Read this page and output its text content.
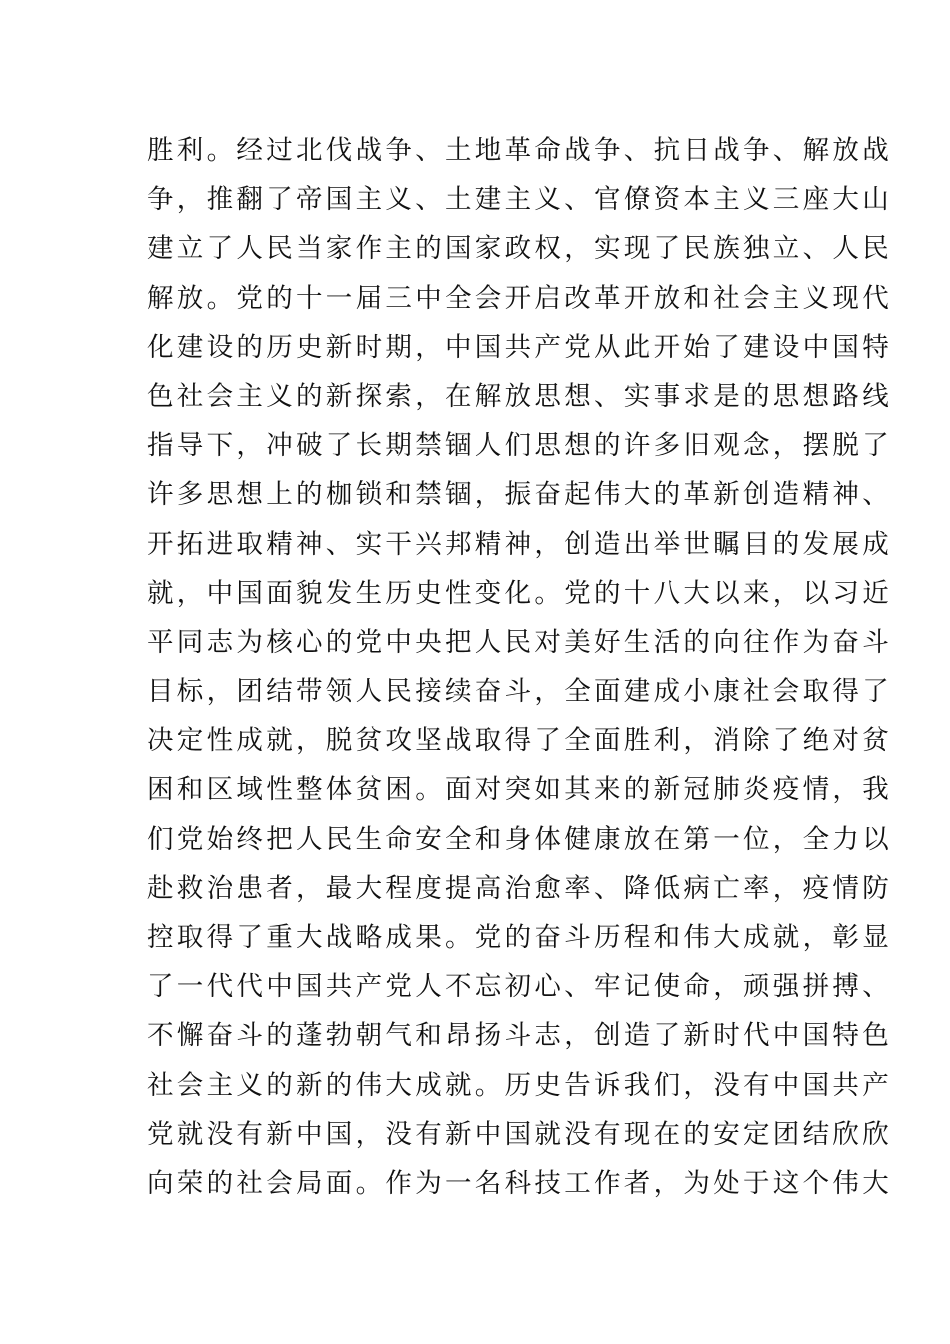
胜利。经过北伐战争、土地革命战争、抗日战争、解放战
争，推翻了帝国主义、土建主义、官僚资本主义三座大山
建立了人民当家作主的国家政权，实现了民族独立、人民
解放。党的十一届三中全会开启改革开放和社会主义现代
化建设的历史新时期，中国共产党从此开始了建设中国特
色社会主义的新探索，在解放思想、实事求是的思想路线
指导下，冲破了长期禁锢人们思想的许多旧观念，摆脱了
许多思想上的枷锁和禁锢，振奋起伟大的革新创造精神、
开拓进取精神、实干兴邦精神，创造出举世瞩目的发展成
就，中国面貌发生历史性变化。党的十八大以来，以习近
平同志为核心的党中央把人民对美好生活的向往作为奋斗
目标，团结带领人民接续奋斗，全面建成小康社会取得了
决定性成就，脱贫攻坚战取得了全面胜利，消除了绝对贫
困和区域性整体贫困。面对突如其来的新冠肺炎疫情，我
们党始终把人民生命安全和身体健康放在第一位，全力以
赴救治患者，最大程度提高治愈率、降低病亡率，疫情防
控取得了重大战略成果。党的奋斗历程和伟大成就，彰显
了一代代中国共产党人不忘初心、牢记使命，顽强拼搏、
不懈奋斗的蓬勃朝气和昂扬斗志，创造了新时代中国特色
社会主义的新的伟大成就。历史告诉我们，没有中国共产
党就没有新中国，没有新中国就没有现在的安定团结欣欣
向荣的社会局面。作为一名科技工作者，为处于这个伟大
